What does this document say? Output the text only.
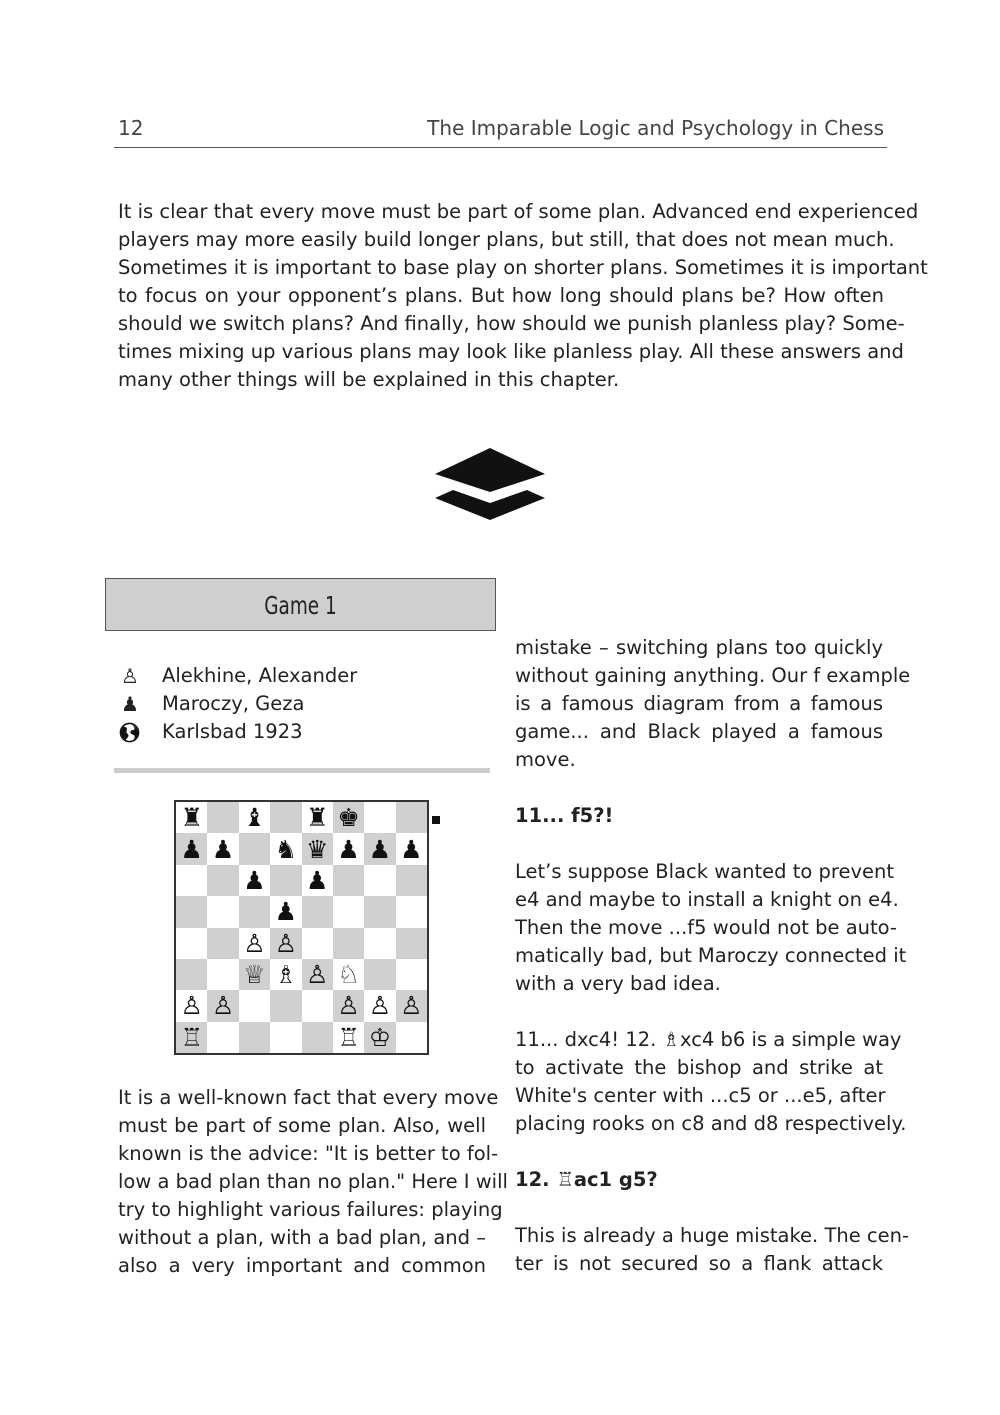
12	The Imparable Logic and Psychology in Chess
It is clear that every move must be part of some plan. Advanced end experienced
players may more easily build longer plans, but still, that does not mean much.
Sometimes it is important to base play on shorter plans. Sometimes it is important
to focus on your opponent’s plans. But how long should plans be? How often
should we switch plans? And finally, how should we punish planless play? Some-
times mixing up various plans may look like planless play. All these answers and
many other things will be explained in this chapter.
Game 1
♙ Alekhine, Alexander
♟ Maroczy, Geza
Karlsbad 1923
♜ ♝ ♜ ♚
♟ ♟ ♞ ♛ ♟ ♟ ♟
♟ ♟
♟
♙ ♙
♕ ♗ ♙ ♘
♙ ♙	♙ ♙ ♙
♖	♖ ♔
It is a well-known fact that every move
must be part of some plan. Also, well
known is the advice: "It is better to fol-
low a bad plan than no plan." Here I will
try to highlight various failures: playing
without a plan, with a bad plan, and –
also a very important and common
mistake – switching plans too quickly
without gaining anything. Our f example
is a famous diagram from a famous
game... and Black played a famous
move.
11... f5?!
Let’s suppose Black wanted to prevent
e4 and maybe to install a knight on e4.
Then the move ...f5 would not be auto-
matically bad, but Maroczy connected it
with a very bad idea.
11... dxc4! 12. ♗xc4 b6 is a simple way
to activate the bishop and strike at
White's center with ...c5 or ...e5, after
placing rooks on c8 and d8 respectively.
12. ♖ac1 g5?
This is already a huge mistake. The cen-
ter is not secured so a flank attack
